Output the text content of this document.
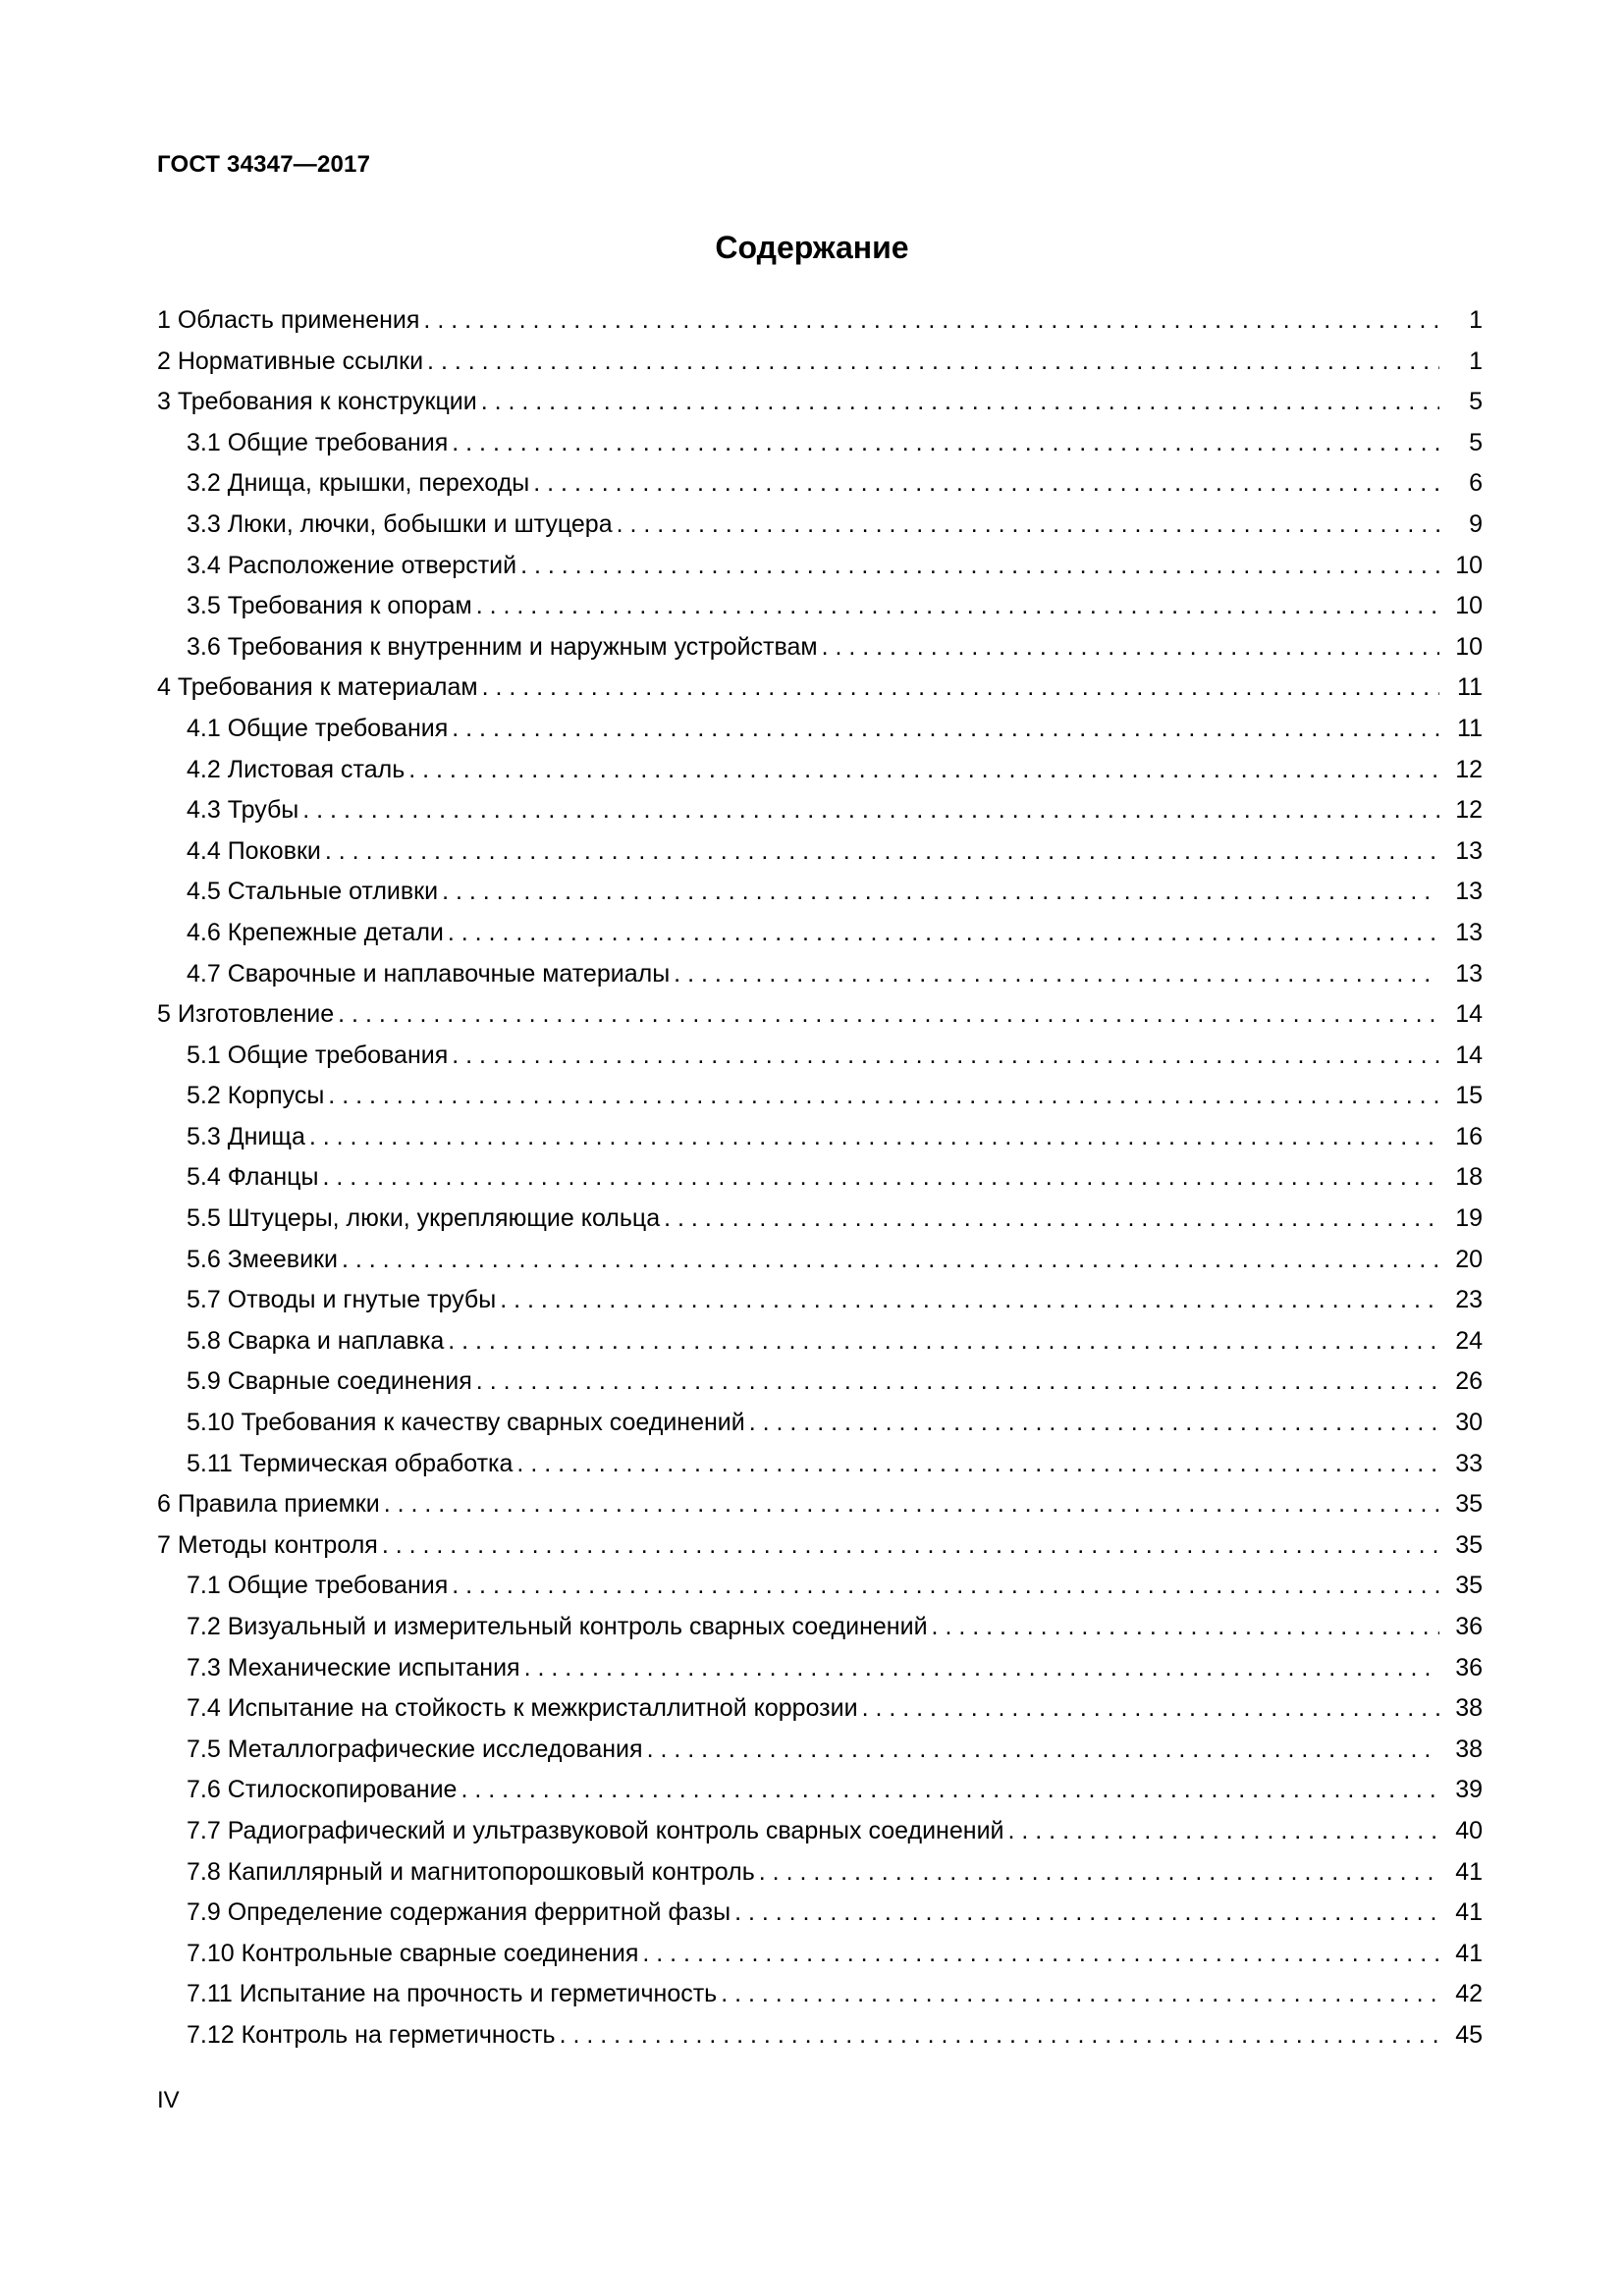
ГОСТ 34347—2017
Содержание
1 Область применения . . .	1
2 Нормативные ссылки . . .	1
3 Требования к конструкции . . .	5
3.1 Общие требования . . .	5
3.2 Днища, крышки, переходы . . .	6
3.3 Люки, лючки, бобышки и штуцера . . .	9
3.4 Расположение отверстий . . .	10
3.5 Требования к опорам . . .	10
3.6 Требования к внутренним и наружным устройствам . . .	10
4 Требования к материалам . . .	11
4.1 Общие требования . . .	11
4.2 Листовая сталь . . .	12
4.3 Трубы . . .	12
4.4 Поковки . . .	13
4.5 Стальные отливки . . .	13
4.6 Крепежные детали . . .	13
4.7 Сварочные и наплавочные материалы . . .	13
5 Изготовление . . .	14
5.1 Общие требования . . .	14
5.2 Корпусы . . .	15
5.3 Днища . . .	16
5.4 Фланцы . . .	18
5.5 Штуцеры, люки, укрепляющие кольца . . .	19
5.6 Змеевики . . .	20
5.7 Отводы и гнутые трубы . . .	23
5.8 Сварка и наплавка . . .	24
5.9 Сварные соединения . . .	26
5.10 Требования к качеству сварных соединений . . .	30
5.11 Термическая обработка . . .	33
6 Правила приемки . . .	35
7 Методы контроля . . .	35
7.1 Общие требования . . .	35
7.2 Визуальный и измерительный контроль сварных соединений . . .	36
7.3 Механические испытания . . .	36
7.4 Испытание на стойкость к межкристаллитной коррозии . . .	38
7.5 Металлографические исследования . . .	38
7.6 Стилоскопирование . . .	39
7.7 Радиографический и ультразвуковой контроль сварных соединений . . .	40
7.8 Капиллярный и магнитопорошковый контроль . . .	41
7.9 Определение содержания ферритной фазы . . .	41
7.10 Контрольные сварные соединения . . .	41
7.11 Испытание на прочность и герметичность . . .	42
7.12 Контроль на герметичность . . .	45
IV
